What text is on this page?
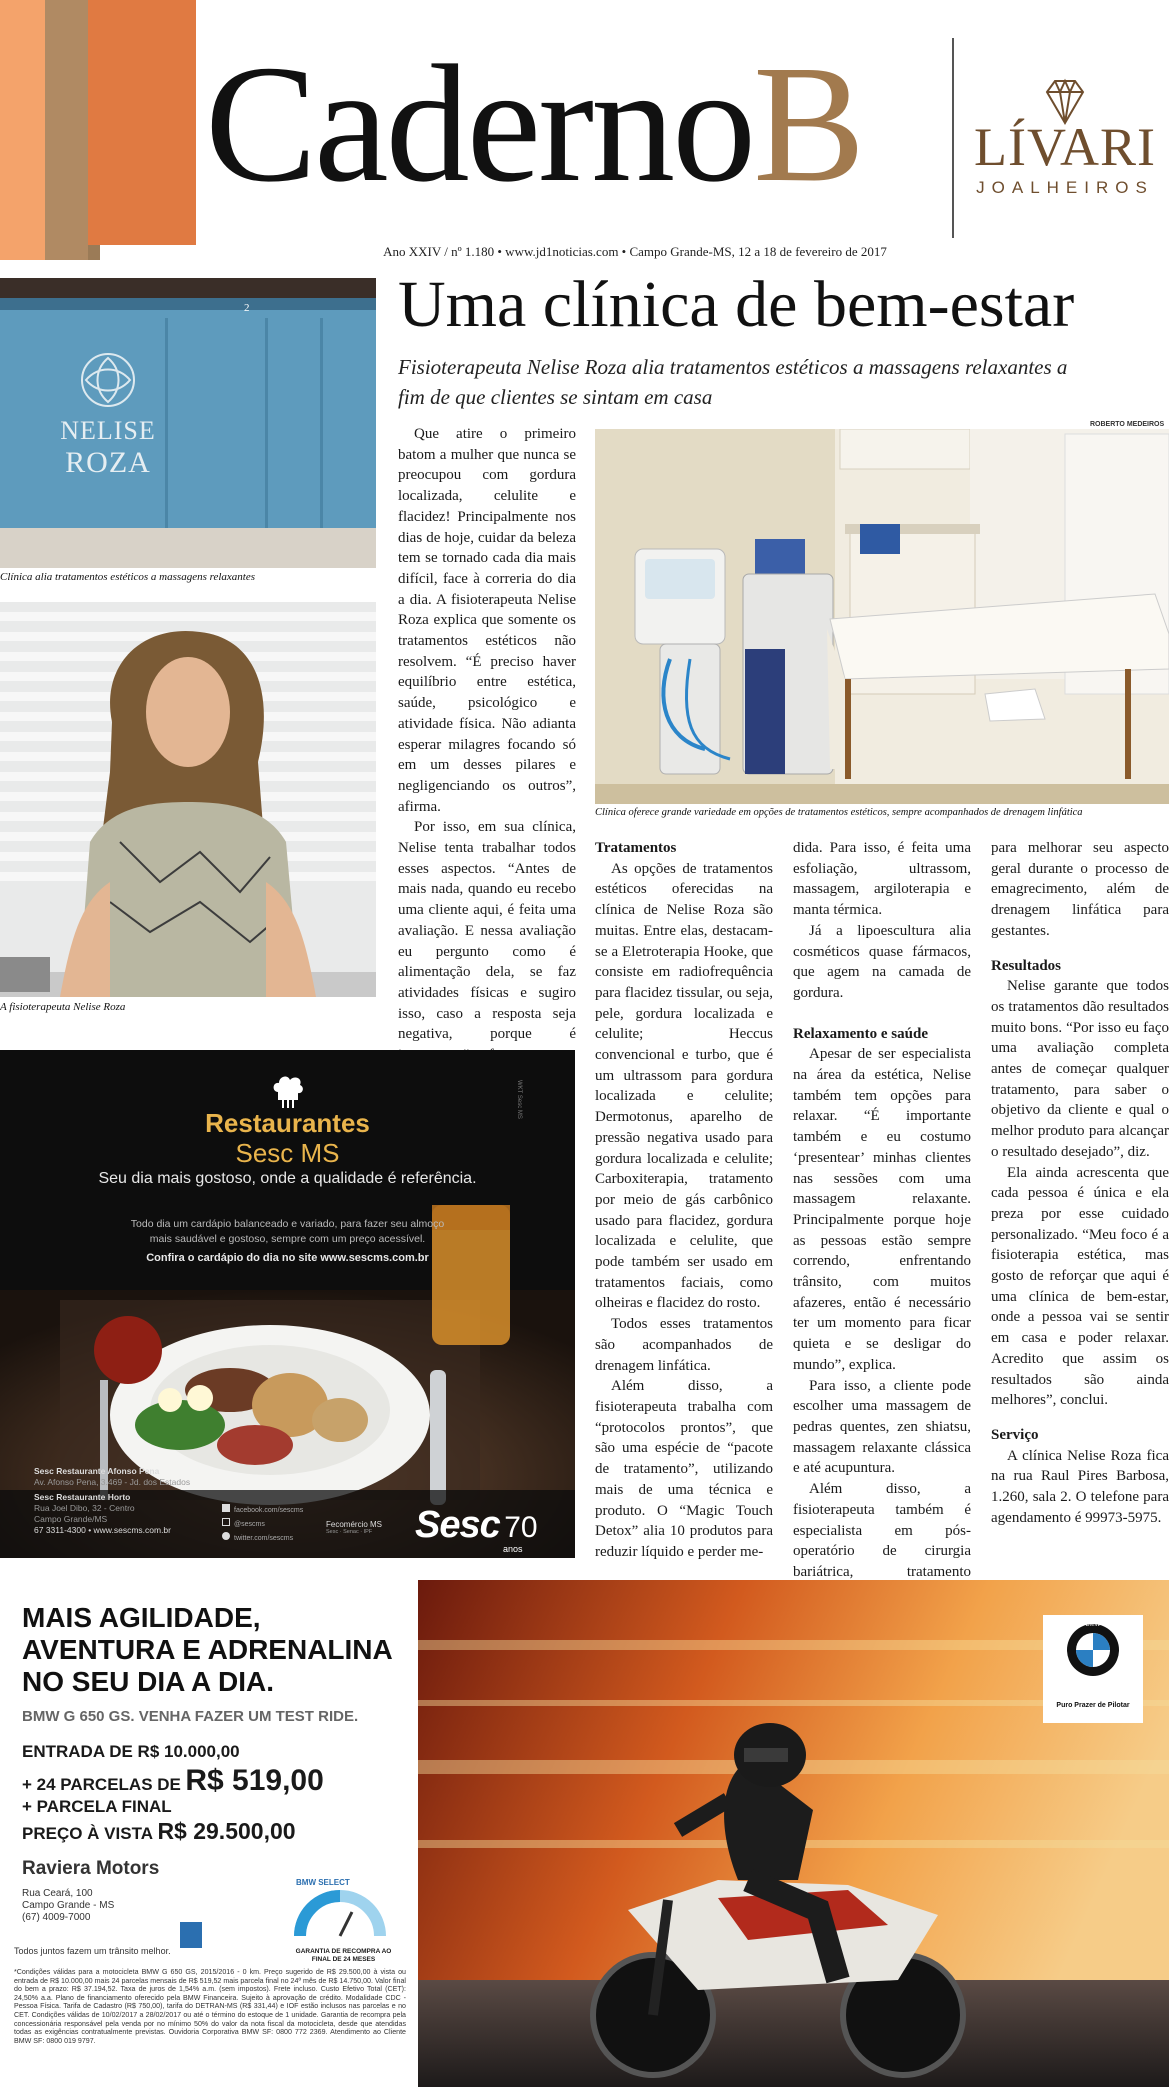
CadernoB LÍVARI
JOALHEIROS
Ano XXIV / nº 1.180 • www.jd1noticias.com • Campo Grande-MS, 12 a 18 de fevereiro de 2017
NELISE
ROZA
2
Clínica alia tratamentos estéticos a massagens relaxantes
A fisioterapeuta Nelise Roza
Uma clínica de bem-estar
Fisioterapeuta Nelise Roza alia tratamentos estéticos a massagens relaxantes a fim de que clientes se sintam em casa

Que atire o primeiro batom a mulher que nunca se preocupou com gordura localizada, celulite e flacidez! Principalmente nos dias de hoje, cuidar da beleza tem se tornado cada dia mais difícil, face à correria do dia a dia. A fisioterapeuta Nelise Roza explica que somente os tratamentos estéticos não resolvem. “É preciso haver equilíbrio entre estética, saúde, psicológico e atividade física. Não adianta esperar milagres focando só em um desses pilares e negligenciando os outros”, afirma.

Por isso, em sua clínica, Nelise tenta trabalhar todos esses aspectos. “Antes de mais nada, quando eu recebo uma cliente aqui, é feita uma avaliação. E nessa avaliação eu pergunto como é alimentação dela, se faz atividades físicas e sugiro isso, caso a resposta seja negativa, porque é

ROBERTO MEDEIROS
Clínica oferece grande variedade em opções de tratamentos estéticos, sempre acompanhados de drenagem linfática
Tratamentos

As opções de tratamentos estéticos oferecidas na clínica de Nelise Roza são muitas. Entre elas, destacam-se a Eletroterapia Hooke, que consiste em radiofrequência para flacidez tissular, ou seja, pele, gordura localizada e celulite; Heccus convencional e turbo, que é um ultrassom para gordura localizada e celulite; Dermotonus, aparelho de pressão negativa usado para gordura localizada e celulite; Carboxiterapia, tratamento por meio de gás carbônico usado para flacidez, gordura localizada e celulite, que pode também ser usado em tratamentos faciais, como olheiras e flacidez do rosto.

Todos esses tratamentos são acompanhados de drenagem linfática.

Além disso, a fisioterapeuta trabalha com “protocolos prontos”, que são uma espécie de “pacote de tratamento”, utilizando mais de uma técnica e produto. O “Magic Touch Detox” alia 10 produtos para reduzir líquido e perder me-

dida. Para isso, é feita uma esfoliação, ultrassom, massagem, argiloterapia e manta térmica.

Já a lipoescultura alia cosméticos quase fármacos, que agem na camada de gordura.

Relaxamento e saúde

Apesar de ser especialista na área da estética, Nelise também tem opções para relaxar. “É importante também e eu costumo ‘presentear’ minhas clientes nas sessões com uma massagem relaxante. Principalmente porque hoje as pessoas estão sempre correndo, enfrentando trânsito, com muitos afazeres, então é necessário ter um momento para ficar quieta e se desligar do mundo”, explica.

Para isso, a cliente pode escolher uma massagem de pedras quentes, zen shiatsu, massagem relaxante clássica e até acupuntura.

Além disso, a fisioterapeuta também é especialista em pós-operatório de cirurgia bariátrica, tratamento

para melhorar seu aspecto geral durante o processo de emagrecimento, além de drenagem linfática para gestantes.

Resultados

Nelise garante que todos os tratamentos dão resultados muito bons. “Por isso eu faço uma avaliação completa antes de começar qualquer tratamento, para saber o objetivo da cliente e qual o melhor produto para alcançar o resultado desejado”, diz.

Ela ainda acrescenta que cada pessoa é única e ela preza por esse cuidado personalizado. “Meu foco é a fisioterapia estética, mas gosto de reforçar que aqui é uma clínica de bem-estar, onde a pessoa vai se sentir em casa e poder relaxar. Acredito que assim os resultados são ainda melhores”, conclui.

Serviço

A clínica Nelise Roza fica na rua Raul Pires Barbosa, 1.260, sala 2. O telefone para agendamento é 99973-5975.

Restaurantes
Sesc MS
Seu dia mais gostoso, onde a qualidade é referência.
Todo dia um cardápio balanceado e variado, para fazer seu almoço
mais saudável e gostoso, sempre com um preço acessível.
Confira o cardápio do dia no site www.sescms.com.br
WKT Sesc MS
Sesc Restaurante Afonso Pena
Av. Afonso Pena, 3.469 - Jd. dos Estados
Sesc Restaurante Horto
Rua Joel Dibo, 32 - Centro
Campo Grande/MS
67 3311-4300 • www.sescms.com.br
facebook.com/sescms
@sescms
twitter.com/sescms
Fecomércio MS
Sesc · Senac · IPF Sesc 70
anos
MAIS AGILIDADE,
AVENTURA E ADRENALINA
NO SEU DIA A DIA.
BMW G 650 GS. VENHA FAZER UM TEST RIDE.
ENTRADA DE R$ 10.000,00
+ 24 PARCELAS DE R$ 519,00
+ PARCELA FINAL
PREÇO À VISTA R$ 29.500,00
Raviera Motors
Rua Ceará, 100
Campo Grande - MS
(67) 4009-7000
Todos juntos fazem um trânsito melhor.
BMW SELECT
GARANTIA DE RECOMPRA AO FINAL DE 24 MESES
*Condições válidas para a motocicleta BMW G 650 GS, 2015/2016 - 0 km. Preço sugerido de R$ 29.500,00 à vista ou entrada de R$ 10.000,00 mais 24 parcelas mensais de R$ 519,52 mais parcela final no 24º mês de R$ 14.750,00. Valor final do bem a prazo: R$ 37.194,52. Taxa de juros de 1,54% a.m. (sem impostos). Frete incluso. Custo Efetivo Total (CET): 24,50% a.a. Plano de financiamento oferecido pela BMW Financeira. Sujeito à aprovação de crédito. Modalidade CDC - Pessoa Física. Tarifa de Cadastro (R$ 750,00), tarifa do DETRAN-MS (R$ 331,44) e IOF estão inclusos nas parcelas e no CET. Condições válidas de 10/02/2017 a 28/02/2017 ou até o término do estoque de 1 unidade. Garantia de recompra pela concessionária responsável pela venda por no mínimo 50% do valor da nota fiscal da motocicleta, desde que atendidas todas as exigências contratualmente previstas. Ouvidoria Corporativa BMW SF: 0800 772 2369. Atendimento ao Cliente BMW SF: 0800 019 9797.
BMW
Puro Prazer de Pilotar
